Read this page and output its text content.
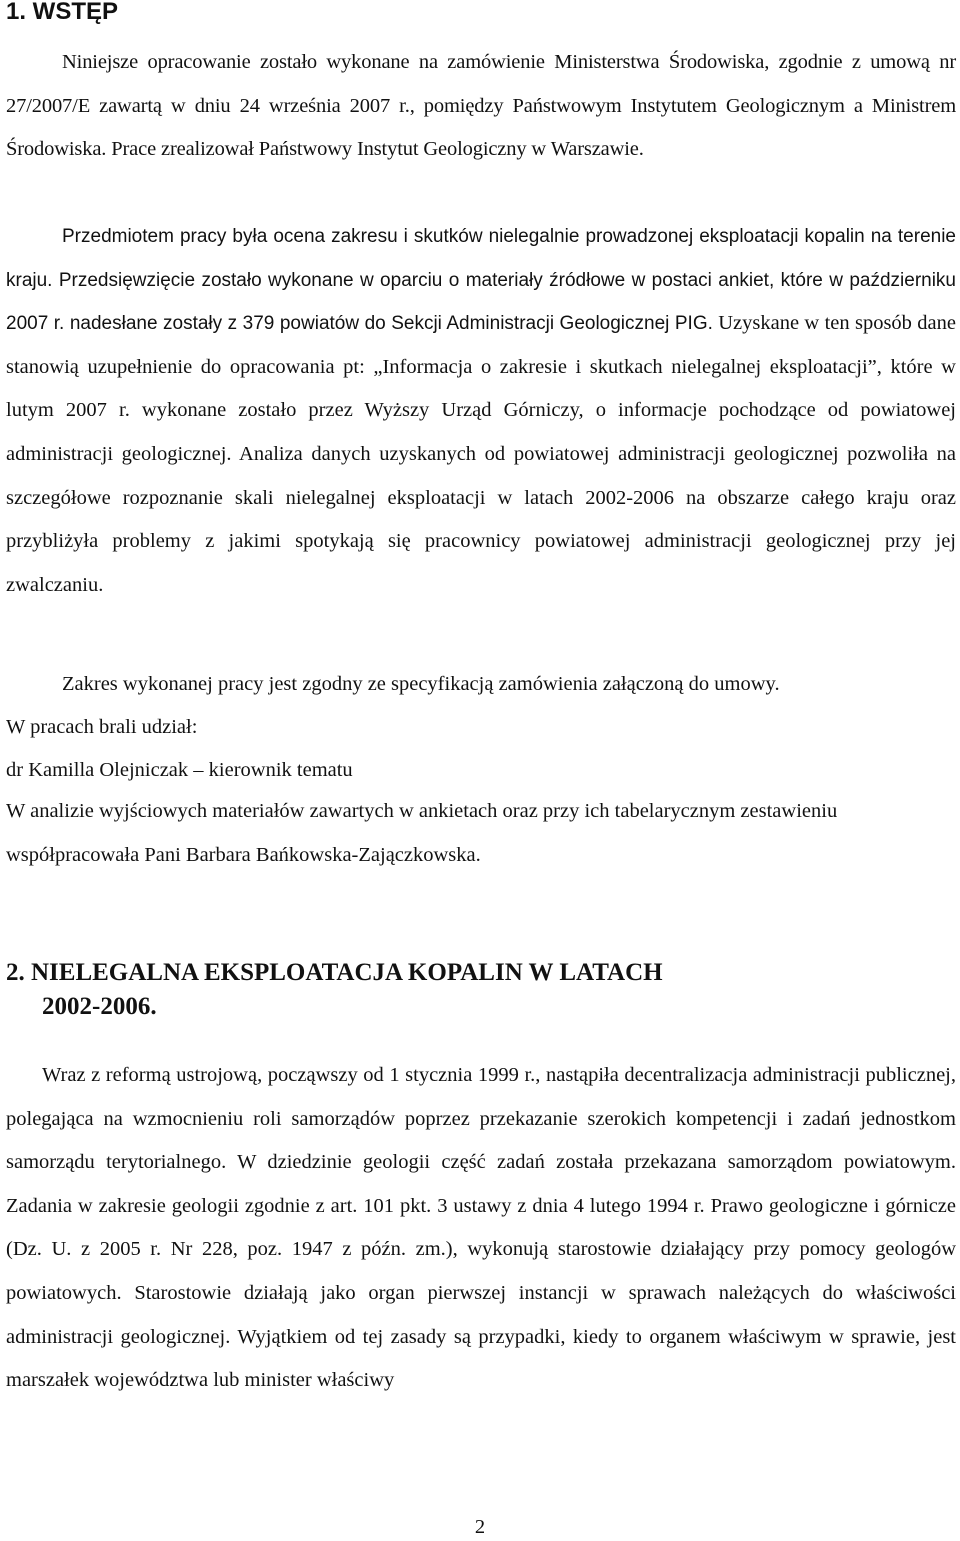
1. WSTĘP

Niniejsze opracowanie zostało wykonane na zamówienie Ministerstwa Środowiska, zgodnie z umową nr 27/2007/E zawartą w dniu 24 września 2007 r., pomiędzy Państwowym Instytutem Geologicznym a Ministrem Środowiska. Prace zrealizował Państwowy Instytut Geologiczny w Warszawie.

Przedmiotem pracy była ocena zakresu i skutków nielegalnie prowadzonej eksploatacji kopalin na terenie kraju. Przedsięwzięcie zostało wykonane w oparciu o materiały źródłowe w postaci ankiet, które w październiku 2007 r. nadesłane zostały z 379 powiatów do Sekcji Administracji Geologicznej PIG. Uzyskane w ten sposób dane stanowią uzupełnienie do opracowania pt: „Informacja o zakresie i skutkach nielegalnej eksploatacji”, które w lutym 2007 r. wykonane zostało przez Wyższy Urząd Górniczy, o informacje pochodzące od powiatowej administracji geologicznej. Analiza danych uzyskanych od powiatowej administracji geologicznej pozwoliła na szczegółowe rozpoznanie skali nielegalnej eksploatacji w latach 2002-2006 na obszarze całego kraju oraz przybliżyła problemy z jakimi spotykają się pracownicy powiatowej administracji geologicznej przy jej zwalczaniu.

Zakres wykonanej pracy jest zgodny ze specyfikacją zamówienia załączoną do umowy.

W pracach brali udział:

dr Kamilla Olejniczak – kierownik tematu

W analizie wyjściowych materiałów zawartych w ankietach oraz przy ich tabelarycznym zestawieniu współpracowała Pani Barbara Bańkowska-Zajączkowska.

2. NIELEGALNA EKSPLOATACJA KOPALIN W LATACH
2002-2006.

Wraz z reformą ustrojową, począwszy od 1 stycznia 1999 r., nastąpiła decentralizacja administracji publicznej, polegająca na wzmocnieniu roli samorządów poprzez przekazanie szerokich kompetencji i zadań jednostkom samorządu terytorialnego. W dziedzinie geologii część zadań została przekazana samorządom powiatowym. Zadania w zakresie geologii zgodnie z art. 101 pkt. 3 ustawy z dnia 4 lutego 1994 r. Prawo geologiczne i górnicze (Dz. U. z 2005 r. Nr 228, poz. 1947 z późn. zm.), wykonują starostowie działający przy pomocy geologów powiatowych. Starostowie działają jako organ pierwszej instancji w sprawach należących do właściwości administracji geologicznej. Wyjątkiem od tej zasady są przypadki, kiedy to organem właściwym w sprawie, jest marszałek województwa lub minister właściwy

2
